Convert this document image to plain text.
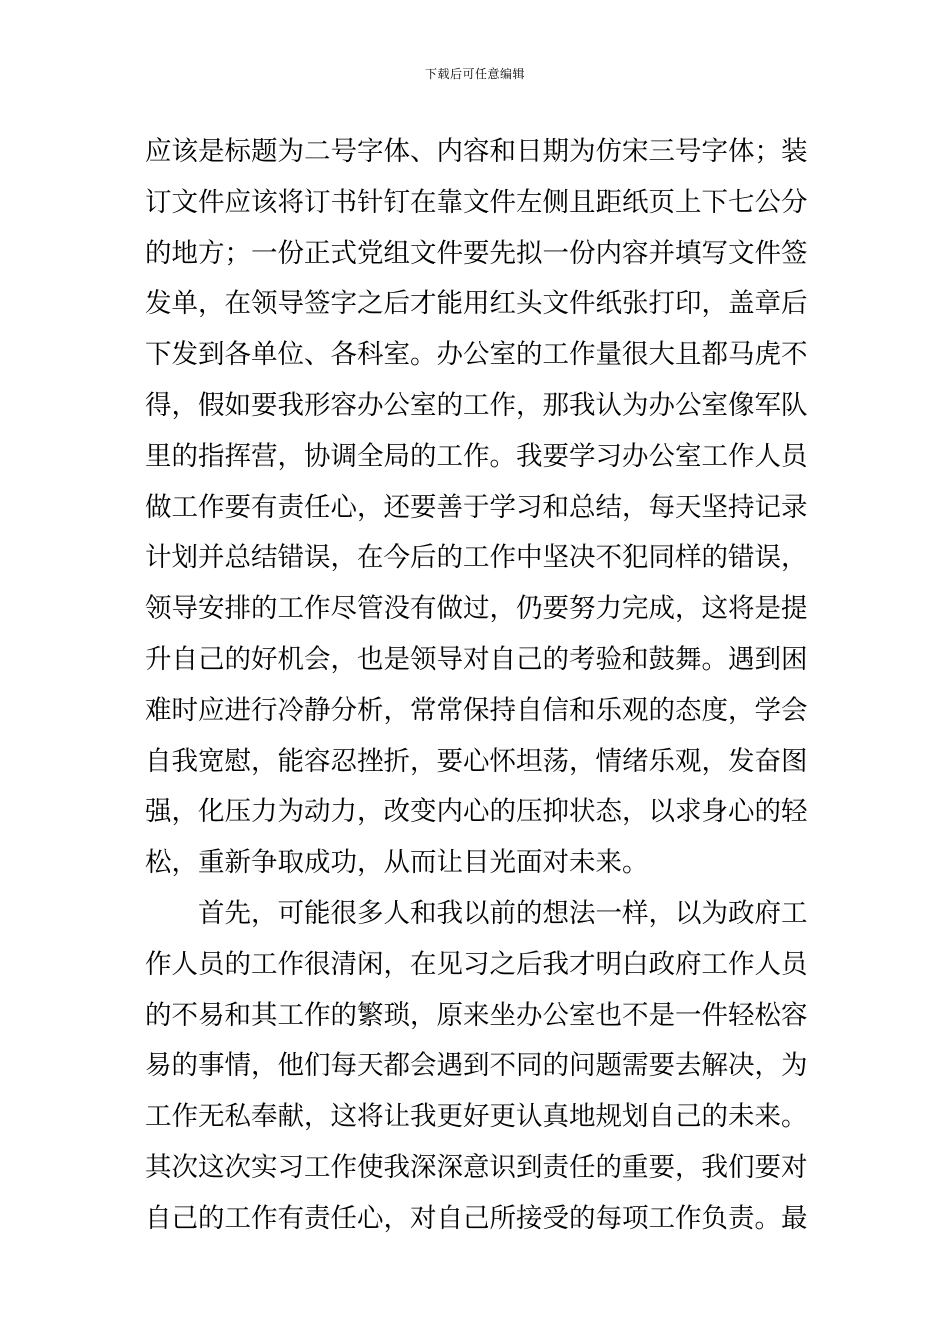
下载后可任意编辑
应该是标题为二号字体、内容和日期为仿宋三号字体；装
订文件应该将订书针钉在靠文件左侧且距纸页上下七公分
的地方；一份正式党组文件要先拟一份内容并填写文件签
发单，在领导签字之后才能用红头文件纸张打印，盖章后
下发到各单位、各科室。办公室的工作量很大且都马虎不
得，假如要我形容办公室的工作，那我认为办公室像军队
里的指挥营，协调全局的工作。我要学习办公室工作人员
做工作要有责任心，还要善于学习和总结，每天坚持记录
计划并总结错误，在今后的工作中坚决不犯同样的错误，
领导安排的工作尽管没有做过，仍要努力完成，这将是提
升自己的好机会，也是领导对自己的考验和鼓舞。遇到困
难时应进行冷静分析，常常保持自信和乐观的态度，学会
自我宽慰，能容忍挫折，要心怀坦荡，情绪乐观，发奋图
强，化压力为动力，改变内心的压抑状态，以求身心的轻
松，重新争取成功，从而让目光面对未来。
首先，可能很多人和我以前的想法一样，以为政府工
作人员的工作很清闲，在见习之后我才明白政府工作人员
的不易和其工作的繁琐，原来坐办公室也不是一件轻松容
易的事情，他们每天都会遇到不同的问题需要去解决，为
工作无私奉献，这将让我更好更认真地规划自己的未来。
其次这次实习工作使我深深意识到责任的重要，我们要对
自己的工作有责任心，对自己所接受的每项工作负责。最
